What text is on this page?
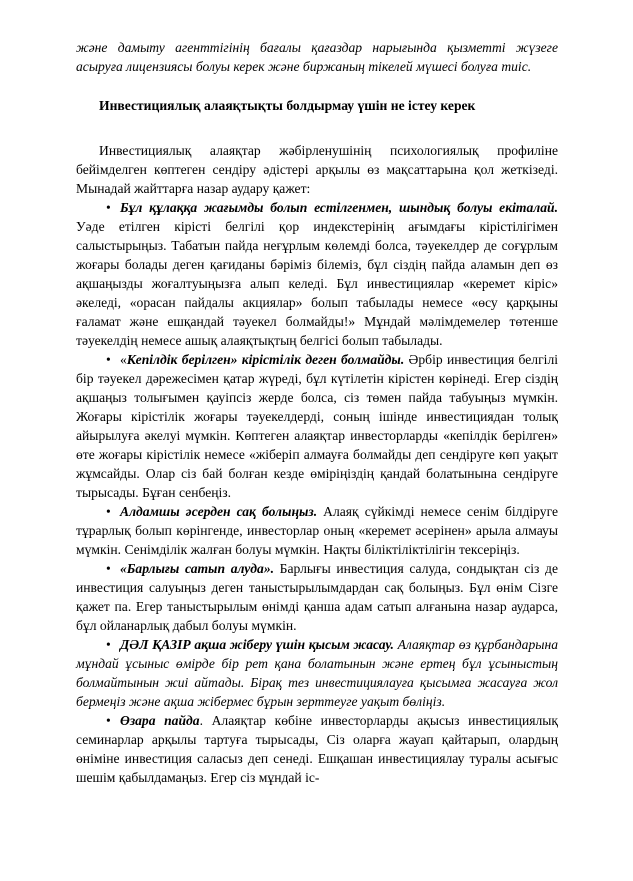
және дамыту агенттігінің бағалы қағаздар нарығында қызметті жүзеге асыруға лицензиясы болуы керек және биржаның тікелей мүшесі болуға тиіс.

Инвестициялық алаяқтықты болдырмау үшін не істеу керек

Инвестициялық алаяқтар жәбірленушінің психологиялық профиліне бейімделген көптеген сендіру әдістері арқылы өз мақсаттарына қол жеткізеді. Мынадай жайттарға назар аудару қажет:

• Бұл құлаққа жағымды болып естілгенмен, шындық болуы екіталай. Уәде етілген кірісті белгілі қор индекстерінің ағымдағы кірістілігімен салыстырыңыз. Табатын пайда неғұрлым көлемді болса, тәуекелдер де соғұрлым жоғары болады деген қағиданы бәріміз білеміз, бұл сіздің пайда аламын деп өз ақшаңызды жоғалтуыңызға алып келеді. Бұл инвестициялар «керемет кіріс» әкеледі, «орасан пайдалы акциялар» болып табылады немесе «өсу қарқыны ғаламат және ешқандай тәуекел болмайды!» Мұндай мәлімдемелер төтенше тәуекелдің немесе ашық алаяқтықтың белгісі болып табылады.

• «Кепілдік берілген» кірістілік деген болмайды. Әрбір инвестиция белгілі бір тәуекел дәрежесімен қатар жүреді, бұл күтілетін кірістен көрінеді. Егер сіздің ақшаңыз толығымен қауіпсіз жерде болса, сіз төмен пайда табуыңыз мүмкін. Жоғары кірістілік жоғары тәуекелдерді, соның ішінде инвестициядан толық айырылуға әкелуі мүмкін. Көптеген алаяқтар инвесторларды «кепілдік берілген» өте жоғары кірістілік немесе «жіберіп алмауға болмайды деп сендіруге көп уақыт жұмсайды. Олар сіз бай болған кезде өміріңіздің қандай болатынына сендіруге тырысады. Бұған сенбеңіз.

• Алдамшы әсерден сақ болыңыз. Алаяқ сүйкімді немесе сенім білдіруге тұрарлық болып көрінгенде, инвесторлар оның «керемет әсерінен» арыла алмауы мүмкін. Сенімділік жалған болуы мүмкін. Нақты біліктіліктілігін тексеріңіз.

• «Барлығы сатып алуда». Барлығы инвестиция салуда, сондықтан сіз де инвестиция салуыңыз деген таныстырылымдардан сақ болыңыз. Бұл өнім Сізге қажет па. Егер таныстырылым өнімді қанша адам сатып алғанына назар аударса, бұл ойланарлық дабыл болуы мүмкін.

• ДӘЛ ҚАЗІР ақша жіберу үшін қысым жасау. Алаяқтар өз құрбандарына мұндай ұсыныс өмірде бір рет қана болатынын және ертең бұл ұсыныстың болмайтынын жиі айтады. Бірақ тез инвестициялауға қысымға жасауға жол бермеңіз және ақша жібермес бұрын зерттеуге уақыт бөліңіз.

• Өзара пайда. Алаяқтар көбіне инвесторларды ақысыз инвестициялық семинарлар арқылы тартуға тырысады, Сіз оларға жауап қайтарып, олардың өніміне инвестиция саласыз деп сенеді. Ешқашан инвестициялау туралы асығыс шешім қабылдамаңыз. Егер сіз мұндай іс-
